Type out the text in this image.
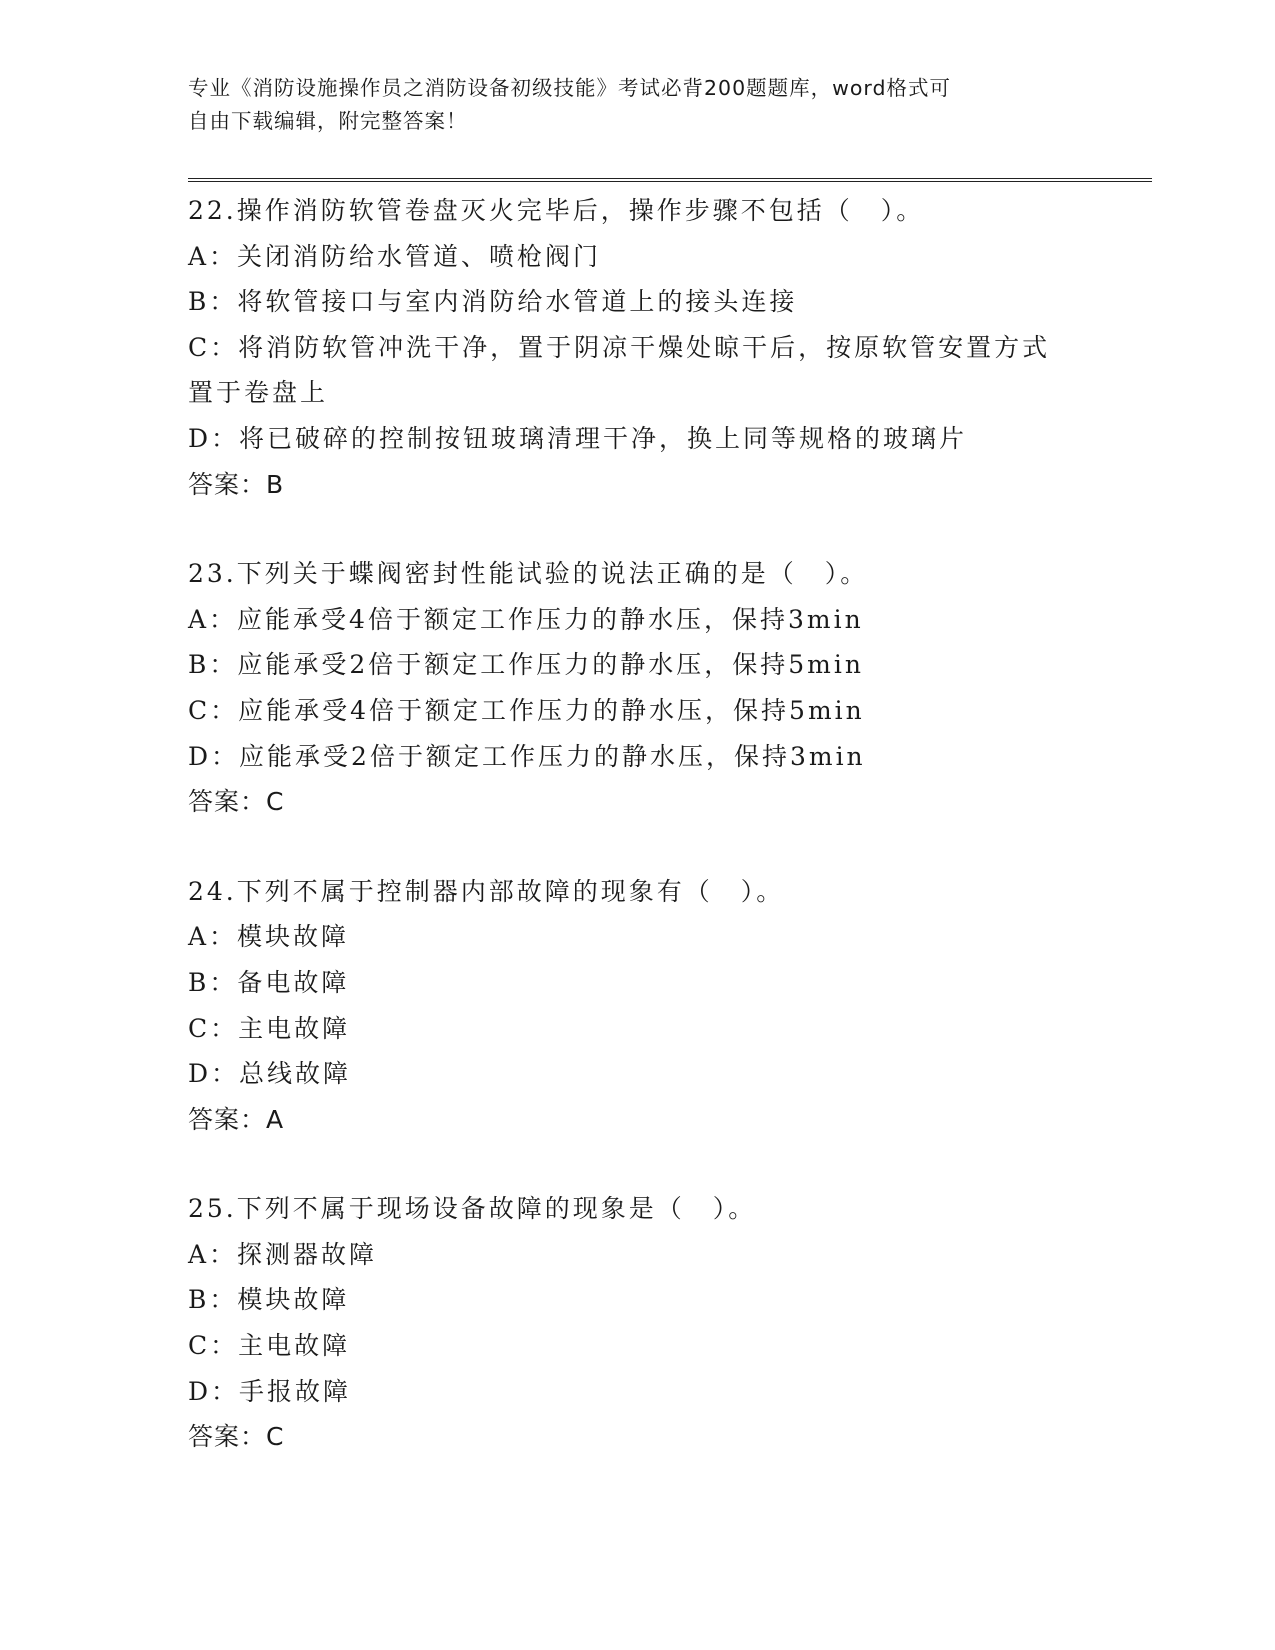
专业《消防设施操作员之消防设备初级技能》考试必背200题题库，word格式可
自由下载编辑，附完整答案！
22.操作消防软管卷盘灭火完毕后，操作步骤不包括（　）。
A：关闭消防给水管道、喷枪阀门
B：将软管接口与室内消防给水管道上的接头连接
C：将消防软管冲洗干净，置于阴凉干燥处晾干后，按原软管安置方式置于卷盘上
D：将已破碎的控制按钮玻璃清理干净，换上同等规格的玻璃片
答案：B
23.下列关于蝶阀密封性能试验的说法正确的是（　）。
A：应能承受4倍于额定工作压力的静水压，保持3min
B：应能承受2倍于额定工作压力的静水压，保持5min
C：应能承受4倍于额定工作压力的静水压，保持5min
D：应能承受2倍于额定工作压力的静水压，保持3min
答案：C
24.下列不属于控制器内部故障的现象有（　）。
A：模块故障
B：备电故障
C：主电故障
D：总线故障
答案：A
25.下列不属于现场设备故障的现象是（　）。
A：探测器故障
B：模块故障
C：主电故障
D：手报故障
答案：C
